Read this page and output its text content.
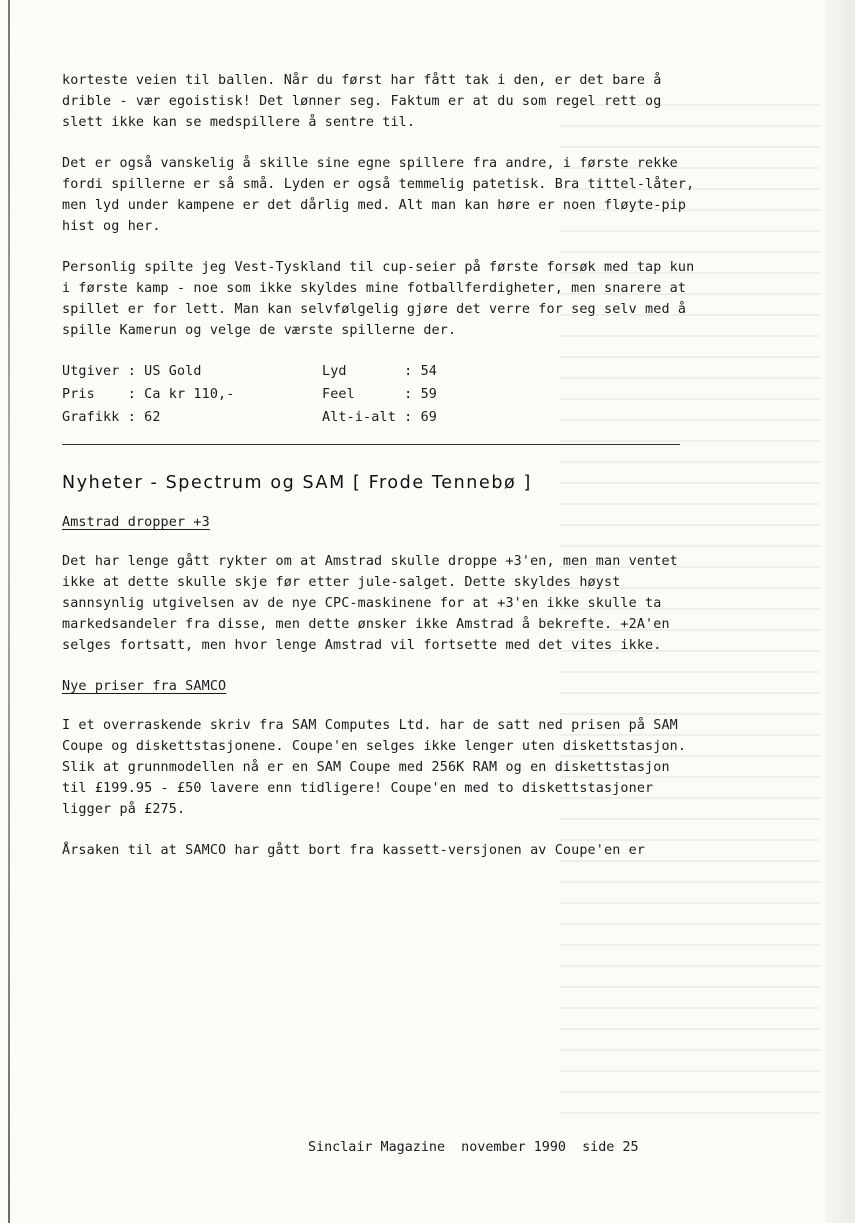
korteste veien til ballen. Når du først har fått tak i den, er det bare å drible - vær egoistisk! Det lønner seg. Faktum er at du som regel rett og slett ikke kan se medspillere å sentre til.

Det er også vanskelig å skille sine egne spillere fra andre, i første rekke fordi spillerne er så små. Lyden er også temmelig patetisk. Bra tittel-låter, men lyd under kampene er det dårlig med. Alt man kan høre er noen fløyte-pip hist og her.

Personlig spilte jeg Vest-Tyskland til cup-seier på første forsøk med tap kun i første kamp - noe som ikke skyldes mine fotballferdigheter, men snarere at spillet er for lett. Man kan selvfølgelig gjøre det verre for seg selv med å spille Kamerun og velge de værste spillerne der.

Utgiver : US Gold	Lyd       : 54
Pris    : Ca kr 110,-	Feel      : 59
Grafikk : 62	Alt-i-alt : 69
Nyheter - Spectrum og SAM [ Frode Tennebø ]
Amstrad dropper +3

Det har lenge gått rykter om at Amstrad skulle droppe +3'en, men man ventet ikke at dette skulle skje før etter jule-salget. Dette skyldes høyst sannsynlig utgivelsen av de nye CPC-maskinene for at +3'en ikke skulle ta markedsandeler fra disse, men dette ønsker ikke Amstrad å bekrefte. +2A'en selges fortsatt, men hvor lenge Amstrad vil fortsette med det vites ikke.

Nye priser fra SAMCO

I et overraskende skriv fra SAM Computes Ltd. har de satt ned prisen på SAM Coupe og diskettstasjonene. Coupe'en selges ikke lenger uten diskettstasjon. Slik at grunnmodellen nå er en SAM Coupe med 256K RAM og en diskettstasjon til £199.95 - £50 lavere enn tidligere! Coupe'en med to diskettstasjoner ligger på £275.

Årsaken til at SAMCO har gått bort fra kassett-versjonen av Coupe'en er

Sinclair Magazine  november 1990  side 25
